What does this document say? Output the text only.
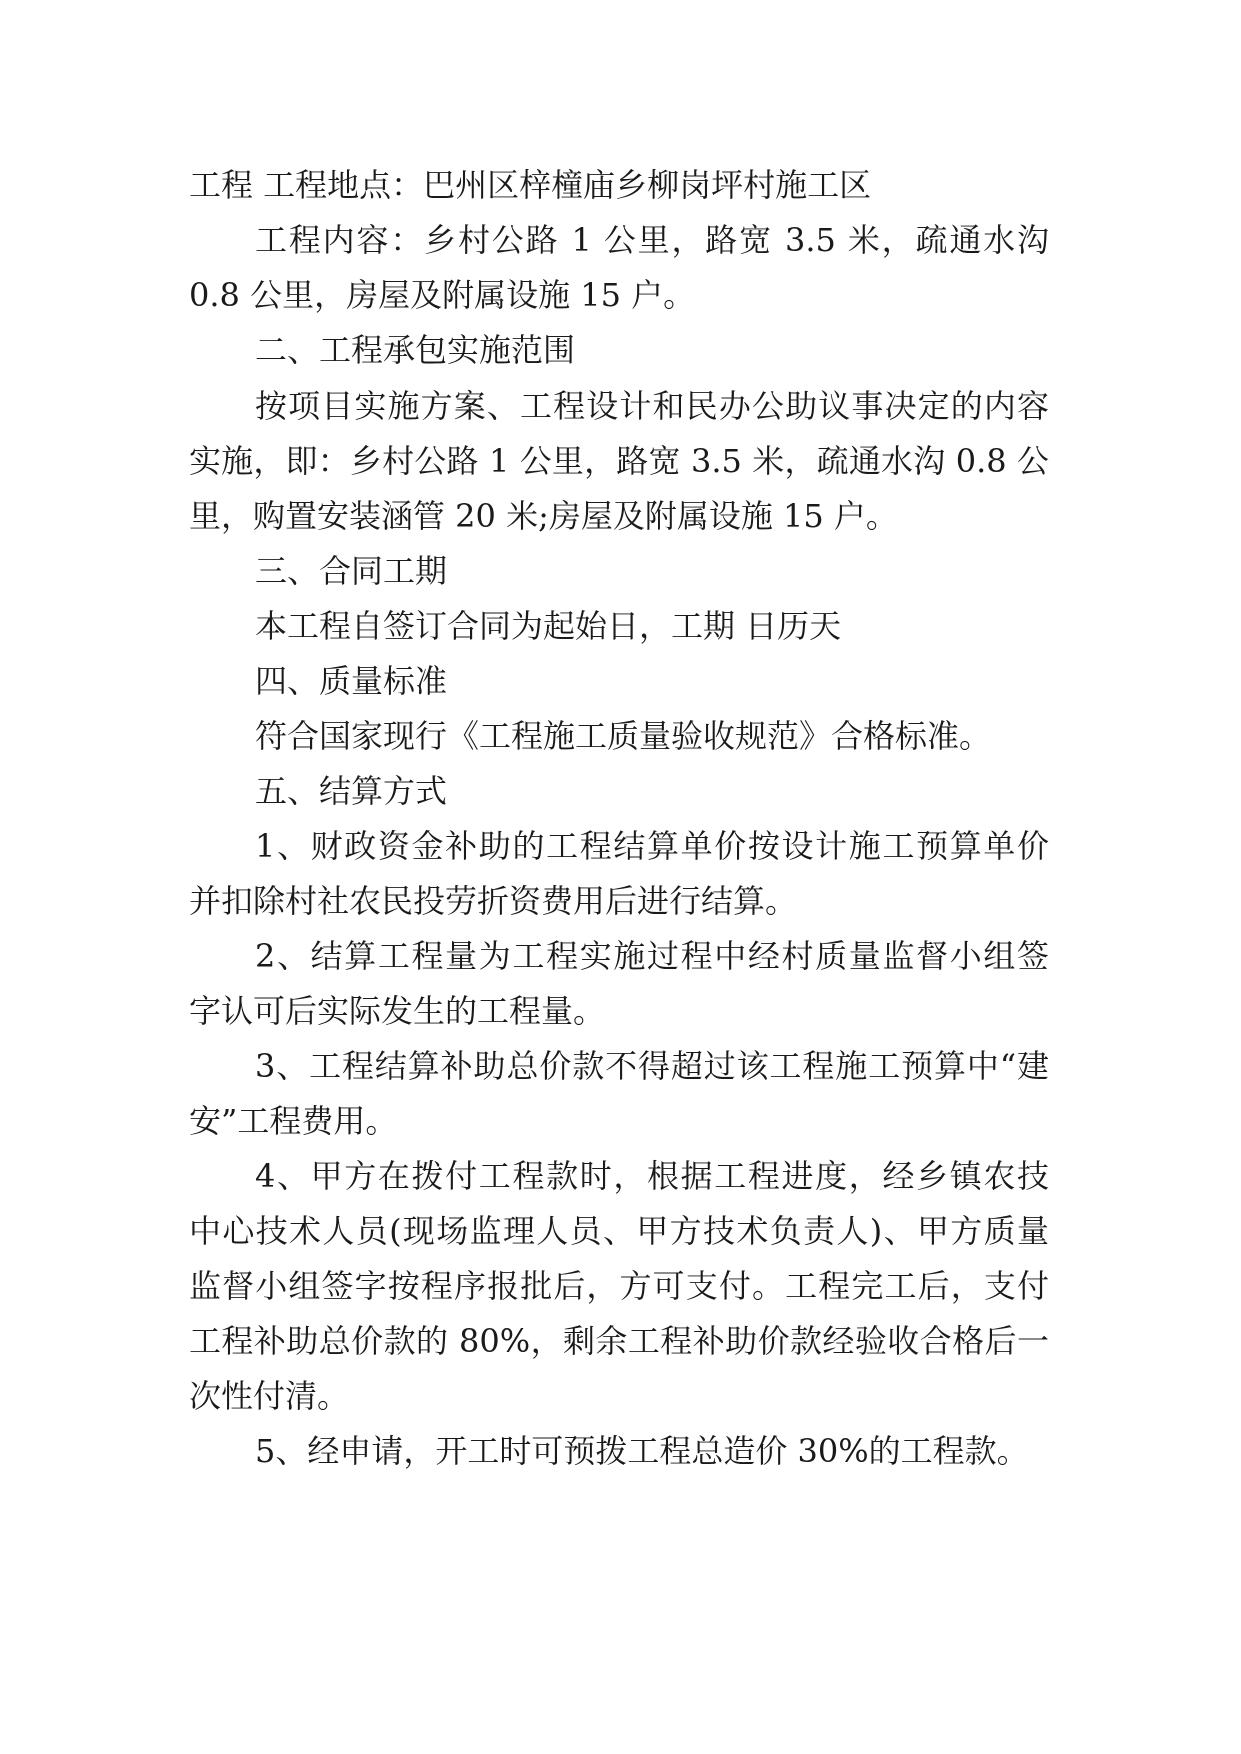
工程 工程地点：巴州区梓橦庙乡柳岗坪村施工区
工程内容：乡村公路 1 公里，路宽 3.5 米，疏通水沟
0.8 公里，房屋及附属设施 15 户。
二、工程承包实施范围
按项目实施方案、工程设计和民办公助议事决定的内容
实施，即：乡村公路 1 公里，路宽 3.5 米，疏通水沟 0.8 公
里，购置安装涵管 20 米;房屋及附属设施 15 户。
三、合同工期
本工程自签订合同为起始日，工期 日历天
四、质量标准
符合国家现行《工程施工质量验收规范》合格标准。
五、结算方式
1、财政资金补助的工程结算单价按设计施工预算单价
并扣除村社农民投劳折资费用后进行结算。
2、结算工程量为工程实施过程中经村质量监督小组签
字认可后实际发生的工程量。
3、工程结算补助总价款不得超过该工程施工预算中“建
安”工程费用。
4、甲方在拨付工程款时，根据工程进度，经乡镇农技
中心技术人员(现场监理人员、甲方技术负责人)、甲方质量
监督小组签字按程序报批后，方可支付。工程完工后，支付
工程补助总价款的 80%，剩余工程补助价款经验收合格后一
次性付清。
5、经申请，开工时可预拨工程总造价 30%的工程款。
